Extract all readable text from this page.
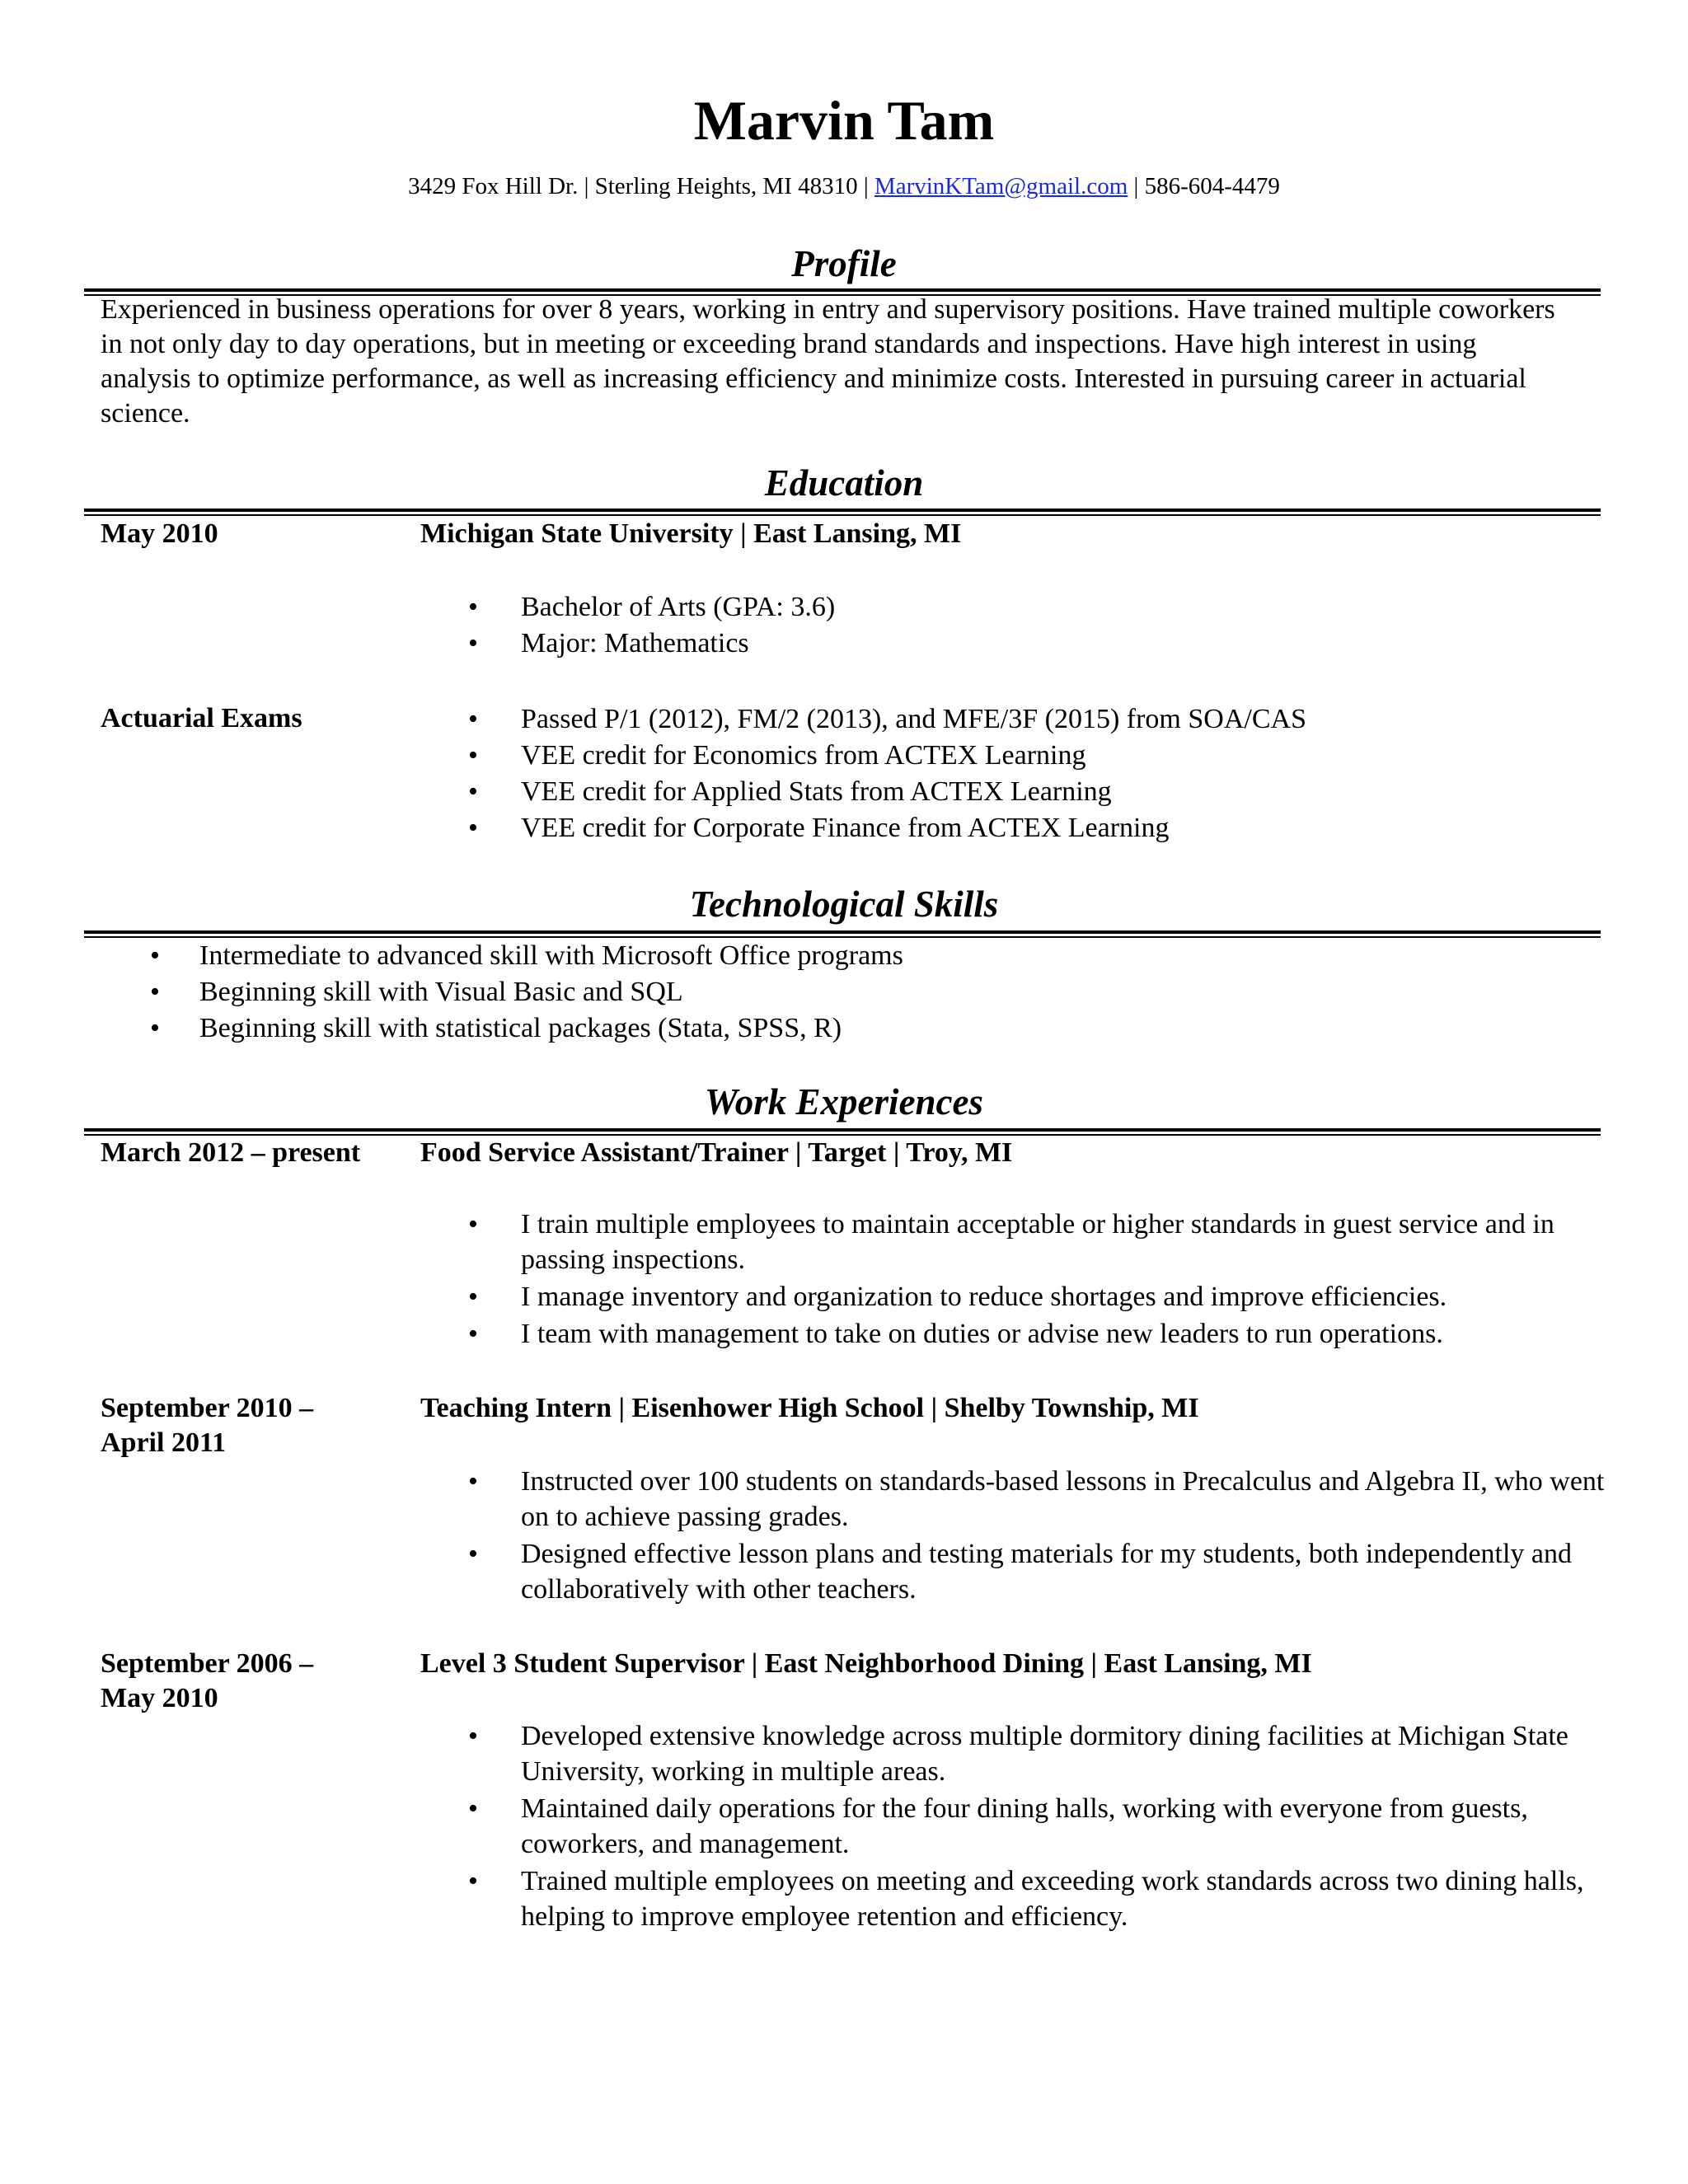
Marvin Tam
3429 Fox Hill Dr. | Sterling Heights, MI 48310 | MarvinKTam@gmail.com | 586-604-4479
Profile
Experienced in business operations for over 8 years, working in entry and supervisory positions. Have trained multiple coworkers in not only day to day operations, but in meeting or exceeding brand standards and inspections. Have high interest in using analysis to optimize performance, as well as increasing efficiency and minimize costs. Interested in pursuing career in actuarial science.
Education
May 2010	Michigan State University | East Lansing, MI
• Bachelor of Arts (GPA: 3.6)
• Major: Mathematics
Actuarial Exams	• Passed P/1 (2012), FM/2 (2013), and MFE/3F (2015) from SOA/CAS
• VEE credit for Economics from ACTEX Learning
• VEE credit for Applied Stats from ACTEX Learning
• VEE credit for Corporate Finance from ACTEX Learning
Technological Skills
• Intermediate to advanced skill with Microsoft Office programs
• Beginning skill with Visual Basic and SQL
• Beginning skill with statistical packages (Stata, SPSS, R)
Work Experiences
March 2012 – present Food Service Assistant/Trainer | Target | Troy, MI
• I train multiple employees to maintain acceptable or higher standards in guest service and in passing inspections.
• I manage inventory and organization to reduce shortages and improve efficiencies.
• I team with management to take on duties or advise new leaders to run operations.
September 2010 –
April 2011
Teaching Intern | Eisenhower High School | Shelby Township, MI
• Instructed over 100 students on standards-based lessons in Precalculus and Algebra II, who went on to achieve passing grades.
• Designed effective lesson plans and testing materials for my students, both independently and collaboratively with other teachers.
September 2006 –
May 2010
Level 3 Student Supervisor | East Neighborhood Dining | East Lansing, MI
• Developed extensive knowledge across multiple dormitory dining facilities at Michigan State University, working in multiple areas.
• Maintained daily operations for the four dining halls, working with everyone from guests, coworkers, and management.
• Trained multiple employees on meeting and exceeding work standards across two dining halls, helping to improve employee retention and efficiency.
